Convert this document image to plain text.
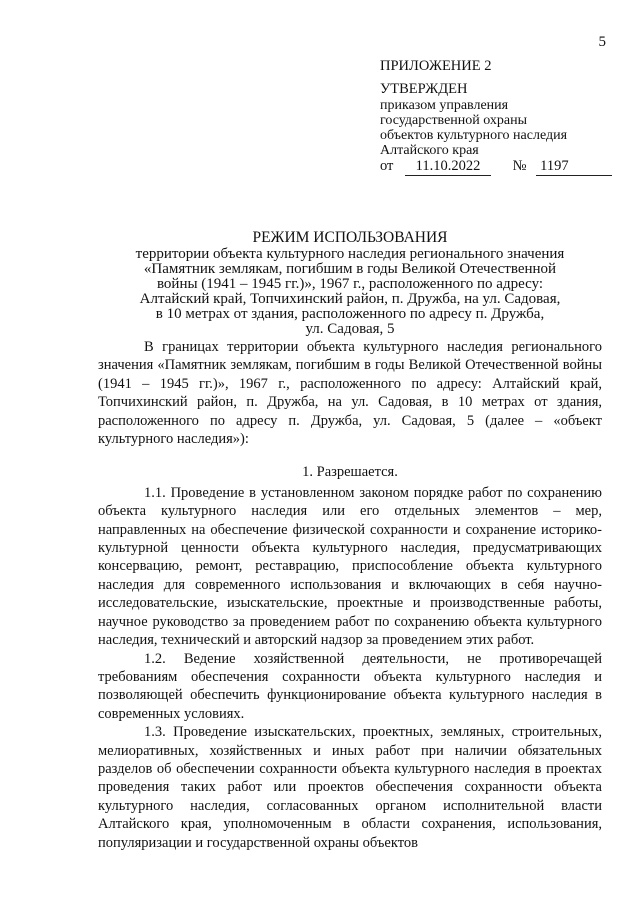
5
ПРИЛОЖЕНИЕ 2
УТВЕРЖДЕН
приказом управления
государственной охраны
объектов культурного наследия
Алтайского края
от 11.10.2022 № 1197
РЕЖИМ ИСПОЛЬЗОВАНИЯ
территории объекта культурного наследия регионального значения
«Памятник землякам, погибшим в годы Великой Отечественной
войны (1941 – 1945 гг.)», 1967 г., расположенного по адресу:
Алтайский край, Топчихинский район, п. Дружба, на ул. Садовая,
в 10 метрах от здания, расположенного по адресу п. Дружба,
ул. Садовая, 5

В границах территории объекта культурного наследия регионального значения «Памятник землякам, погибшим в годы Великой Отечественной войны (1941 – 1945 гг.)», 1967 г., расположенного по адресу: Алтайский край, Топчихинский район, п. Дружба, на ул. Садовая, в 10 метрах от здания, расположенного по адресу п. Дружба, ул. Садовая, 5 (далее – «объект культурного наследия»):

1. Разрешается.

1.1. Проведение в установленном законом порядке работ по сохранению объекта культурного наследия или его отдельных элементов – мер, направленных на обеспечение физической сохранности и сохранение историко-культурной ценности объекта культурного наследия, предусматривающих консервацию, ремонт, реставрацию, приспособление объекта культурного наследия для современного использования и включающих в себя научно-исследовательские, изыскательские, проектные и производственные работы, научное руководство за проведением работ по сохранению объекта культурного наследия, технический и авторский надзор за проведением этих работ.

1.2. Ведение хозяйственной деятельности, не противоречащей требованиям обеспечения сохранности объекта культурного наследия и позволяющей обеспечить функционирование объекта культурного наследия в современных условиях.

1.3. Проведение изыскательских, проектных, земляных, строительных, мелиоративных, хозяйственных и иных работ при наличии обязательных разделов об обеспечении сохранности объекта культурного наследия в проектах проведения таких работ или проектов обеспечения сохранности объекта культурного наследия, согласованных органом исполнительной власти Алтайского края, уполномоченным в области сохранения, использования, популяризации и государственной охраны объектов
